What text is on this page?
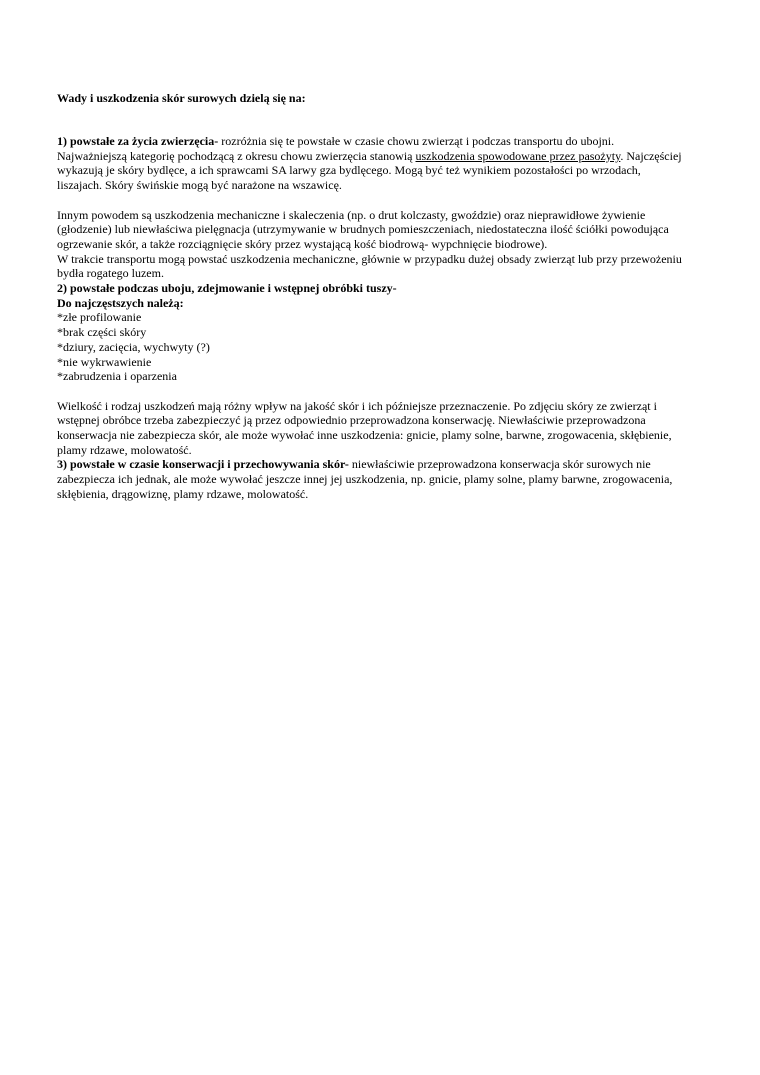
Wady i uszkodzenia skór surowych dzielą się na:

1) powstałe za życia zwierzęcia- rozróżnia się te powstałe w czasie chowu zwierząt i podczas transportu do ubojni. Najważniejszą kategorię pochodzącą z okresu chowu zwierzęcia stanowią uszkodzenia spowodowane przez pasożyty. Najczęściej wykazują je skóry bydlęce, a ich sprawcami SA larwy gza bydlęcego. Mogą być też wynikiem pozostałości po wrzodach, liszajach. Skóry świńskie mogą być narażone na wszawicę.

Innym powodem są uszkodzenia mechaniczne i skaleczenia (np. o drut kolczasty, gwoździe) oraz nieprawidłowe żywienie (głodzenie) lub niewłaściwa pielęgnacja (utrzymywanie w brudnych pomieszczeniach, niedostateczna ilość ściółki powodująca ogrzewanie skór, a także rozciągnięcie skóry przez wystającą kość biodrową- wypchnięcie biodrowe).

W trakcie transportu mogą powstać uszkodzenia mechaniczne, głównie w przypadku dużej obsady zwierząt lub przy przewożeniu bydła rogatego luzem.

2) powstałe podczas uboju, zdejmowanie i wstępnej obróbki tuszy-

Do najczęstszych należą:

*złe profilowanie

*brak części skóry

*dziury, zacięcia, wychwyty (?)

*nie wykrwawienie

*zabrudzenia i oparzenia

Wielkość i rodzaj uszkodzeń mają różny wpływ na jakość skór i ich późniejsze przeznaczenie. Po zdjęciu skóry ze zwierząt i wstępnej obróbce trzeba zabezpieczyć ją przez odpowiednio przeprowadzona konserwację. Niewłaściwie przeprowadzona konserwacja nie zabezpiecza skór, ale może wywołać inne uszkodzenia: gnicie, plamy solne, barwne, zrogowacenia, skłębienie, plamy rdzawe, molowatość.

3) powstałe w czasie konserwacji i przechowywania skór- niewłaściwie przeprowadzona konserwacja skór surowych nie zabezpiecza ich jednak, ale może wywołać jeszcze innej jej uszkodzenia, np. gnicie, plamy solne, plamy barwne, zrogowacenia, skłębienia, drągowiznę, plamy rdzawe, molowatość.
